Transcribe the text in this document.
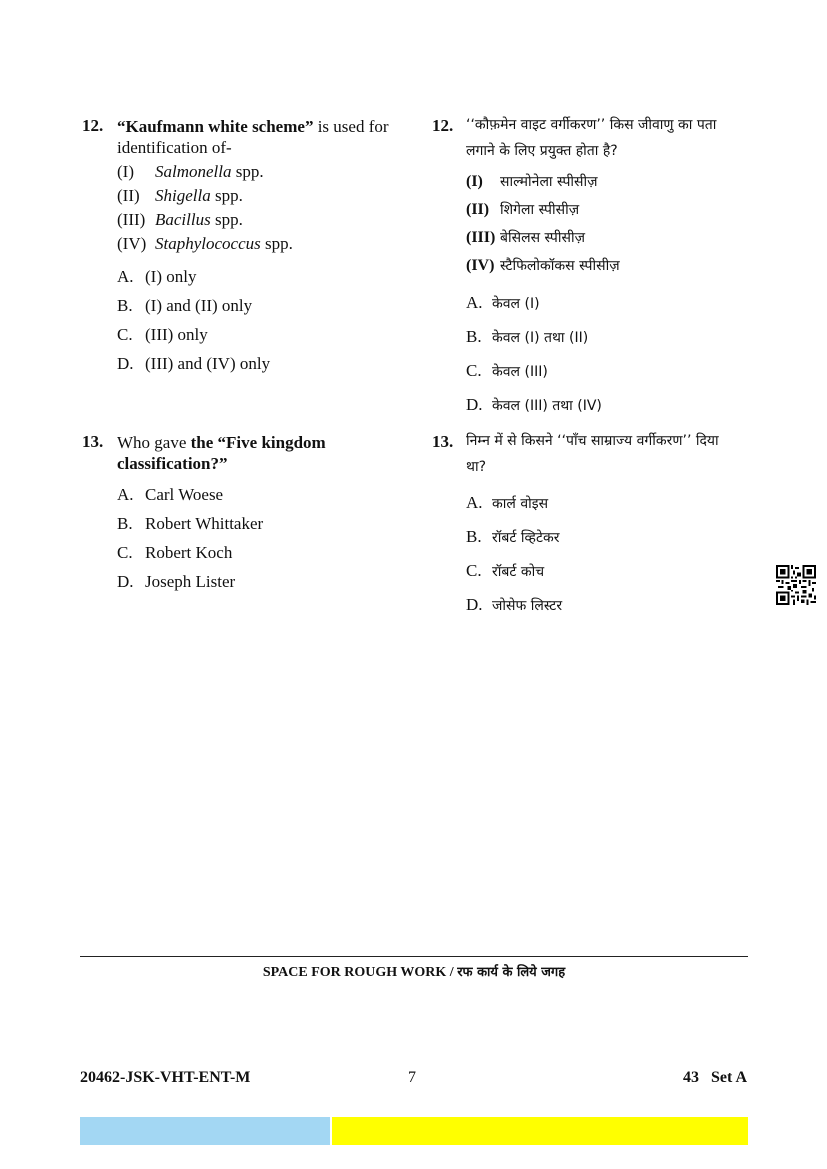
12. “Kaufmann white scheme” is used for
identification of-
(I) Salmonella spp.
(II) Shigella spp.
(III) Bacillus spp.
(IV) Staphylococcus spp.
A. (I) only
B. (I) and (II) only
C. (III) only
D. (III) and (IV) only
13. Who gave the “Five kingdom
classification?”
A. Carl Woese
B. Robert Whittaker
C. Robert Koch
D. Joseph Lister
12. ‘‘कौफ़मेन वाइट वर्गीकरण’’ किस जीवाणु का पता
लगाने के लिए प्रयुक्त होता है?
(I) साल्मोनेला स्पीसीज़
(II) शिगेला स्पीसीज़
(III) बेसिलस स्पीसीज़
(IV) स्टैफिलोकॉकस स्पीसीज़
A. केवल (I)
B. केवल (I) तथा (II)
C. केवल (III)
D. केवल (III) तथा (IV)
13. निम्न में से किसने ‘‘पाँच साम्राज्य वर्गीकरण’’ दिया
था?
A. कार्ल वोइस
B. रॉबर्ट व्हिटेकर
C. रॉबर्ट कोच
D. जोसेफ लिस्टर
SPACE FOR ROUGH WORK / रफ कार्य के लिये जगह
20462-JSK-VHT-ENT-M	7	43   Set A
